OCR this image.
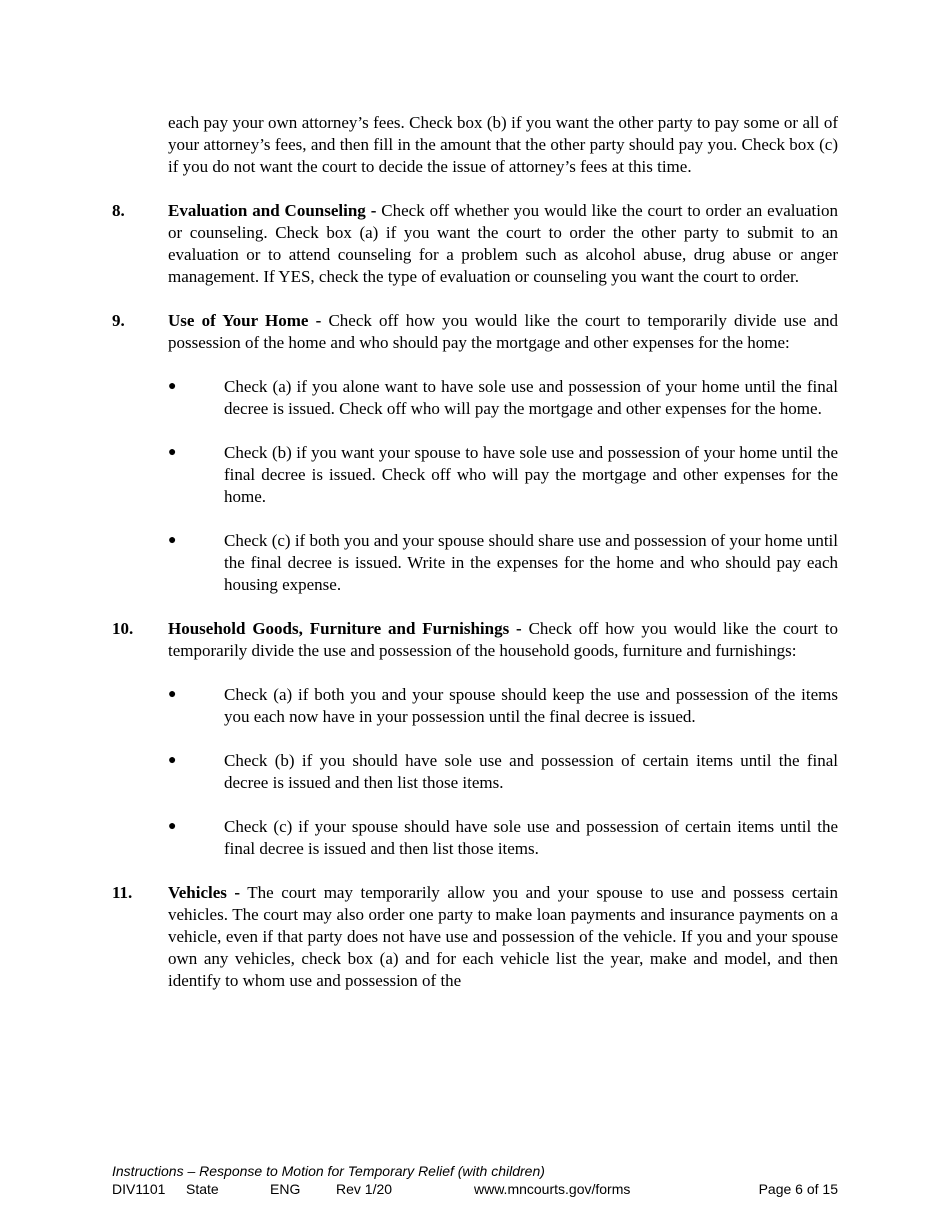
each pay your own attorney’s fees. Check box (b) if you want the other party to pay some or all of your attorney’s fees, and then fill in the amount that the other party should pay you. Check box (c) if you do not want the court to decide the issue of attorney’s fees at this time.

8.	Evaluation and Counseling - Check off whether you would like the court to order an evaluation or counseling. Check box (a) if you want the court to order the other party to submit to an evaluation or to attend counseling for a problem such as alcohol abuse, drug abuse or anger management. If YES, check the type of evaluation or counseling you want the court to order.

9.	Use of Your Home - Check off how you would like the court to temporarily divide use and possession of the home and who should pay the mortgage and other expenses for the home:

●	Check (a) if you alone want to have sole use and possession of your home until the final decree is issued. Check off who will pay the mortgage and other expenses for the home.
●	Check (b) if you want your spouse to have sole use and possession of your home until the final decree is issued. Check off who will pay the mortgage and other expenses for the home.
●	Check (c) if both you and your spouse should share use and possession of your home until the final decree is issued. Write in the expenses for the home and who should pay each housing expense.
10.	Household Goods, Furniture and Furnishings - Check off how you would like the court to temporarily divide the use and possession of the household goods, furniture and furnishings:

●	Check (a) if both you and your spouse should keep the use and possession of the items you each now have in your possession until the final decree is issued.
●	Check (b) if you should have sole use and possession of certain items until the final decree is issued and then list those items.
●	Check (c) if your spouse should have sole use and possession of certain items until the final decree is issued and then list those items.
11.	Vehicles - The court may temporarily allow you and your spouse to use and possess certain vehicles. The court may also order one party to make loan payments and insurance payments on a vehicle, even if that party does not have use and possession of the vehicle. If you and your spouse own any vehicles, check box (a) and for each vehicle list the year, make and model, and then identify to whom use and possession of the

Instructions – Response to Motion for Temporary Relief (with children)
DIV1101 State	ENG	Rev 1/20	www.mncourts.gov/forms	Page 6 of 15
